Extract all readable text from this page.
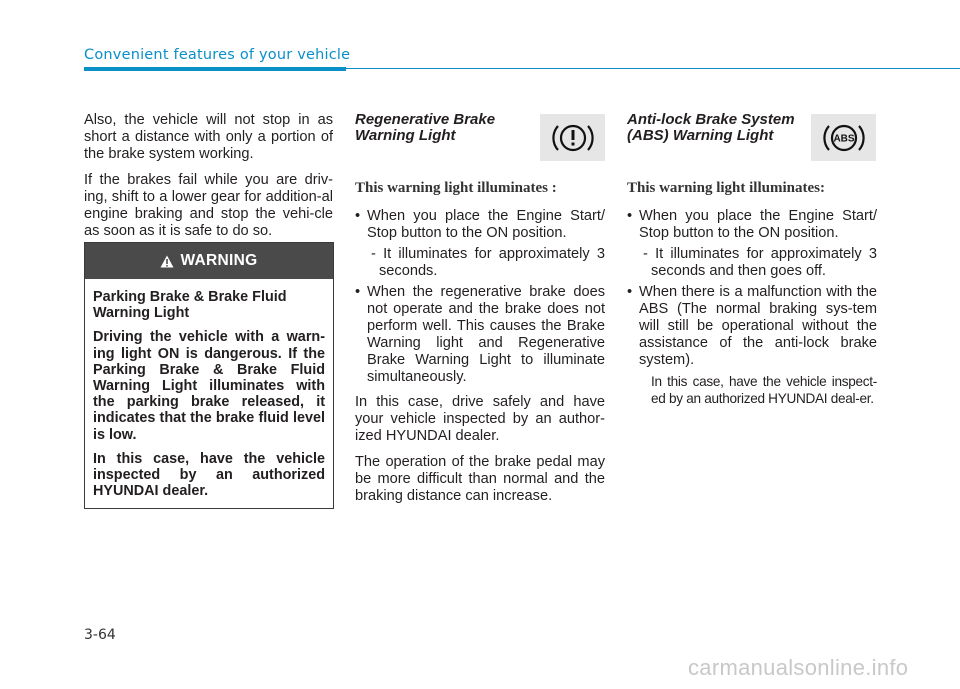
Convenient features of your vehicle

Also, the vehicle will not stop in as short a distance with only a portion of the brake system working.

If the brakes fail while you are driv-ing, shift to a lower gear for addition-al engine braking and stop the vehi-cle as soon as it is safe to do so.

WARNING

Parking Brake & Brake Fluid Warning Light

Driving the vehicle with a warn-ing light ON is dangerous. If the Parking Brake & Brake Fluid Warning Light illuminates with the parking brake released, it indicates that the brake fluid level is low.

In this case, have the vehicle inspected by an authorized HYUNDAI dealer.

Regenerative Brake Warning Light
This warning light illuminates :
• When you place the Engine Start/ Stop button to the ON position.
- It illuminates for approximately 3 seconds.
• When the regenerative brake does not operate and the brake does not perform well. This causes the Brake Warning light and Regenerative Brake Warning Light to illuminate simultaneously.

In this case, drive safely and have your vehicle inspected by an author-ized HYUNDAI dealer.

The operation of the brake pedal may be more difficult than normal and the braking distance can increase.

Anti-lock Brake System (ABS) Warning Light	ABS
This warning light illuminates:
• When you place the Engine Start/ Stop button to the ON position.
- It illuminates for approximately 3 seconds and then goes off.
• When there is a malfunction with the ABS (The normal braking sys-tem will still be operational without the assistance of the anti-lock brake system).
In this case, have the vehicle inspect-ed by an authorized HYUNDAI deal-er.
3-64
carmanualsonline.info
